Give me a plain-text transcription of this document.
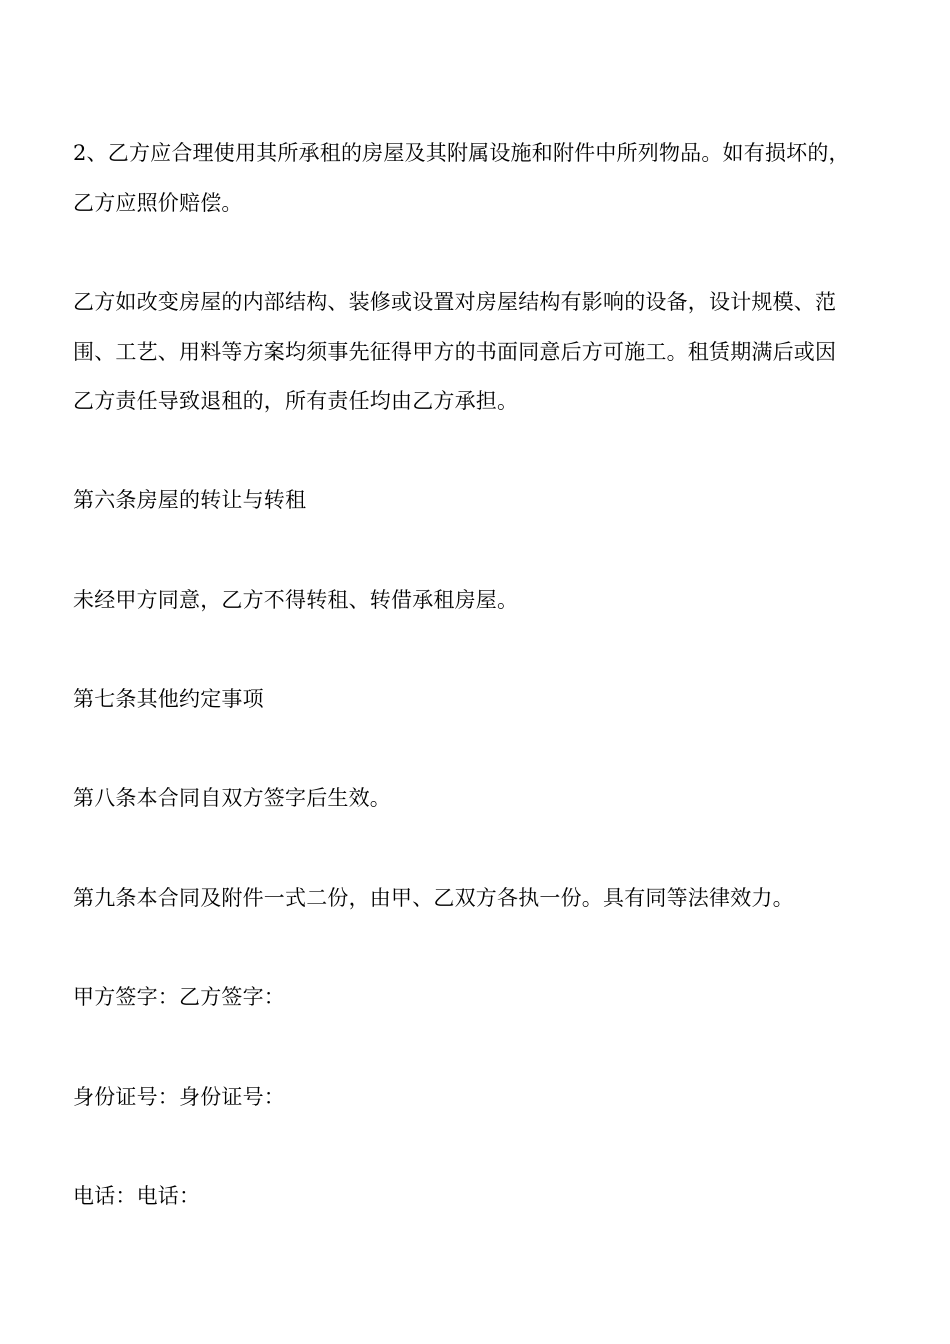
2、乙方应合理使用其所承租的房屋及其附属设施和附件中所列物品。如有损坏的，
乙方应照价赔偿。
乙方如改变房屋的内部结构、装修或设置对房屋结构有影响的设备，设计规模、范
围、工艺、用料等方案均须事先征得甲方的书面同意后方可施工。租赁期满后或因
乙方责任导致退租的，所有责任均由乙方承担。
第六条房屋的转让与转租
未经甲方同意，乙方不得转租、转借承租房屋。
第七条其他约定事项
第八条本合同自双方签字后生效。
第九条本合同及附件一式二份，由甲、乙双方各执一份。具有同等法律效力。
甲方签字：乙方签字：
身份证号：身份证号：
电话：电话：
